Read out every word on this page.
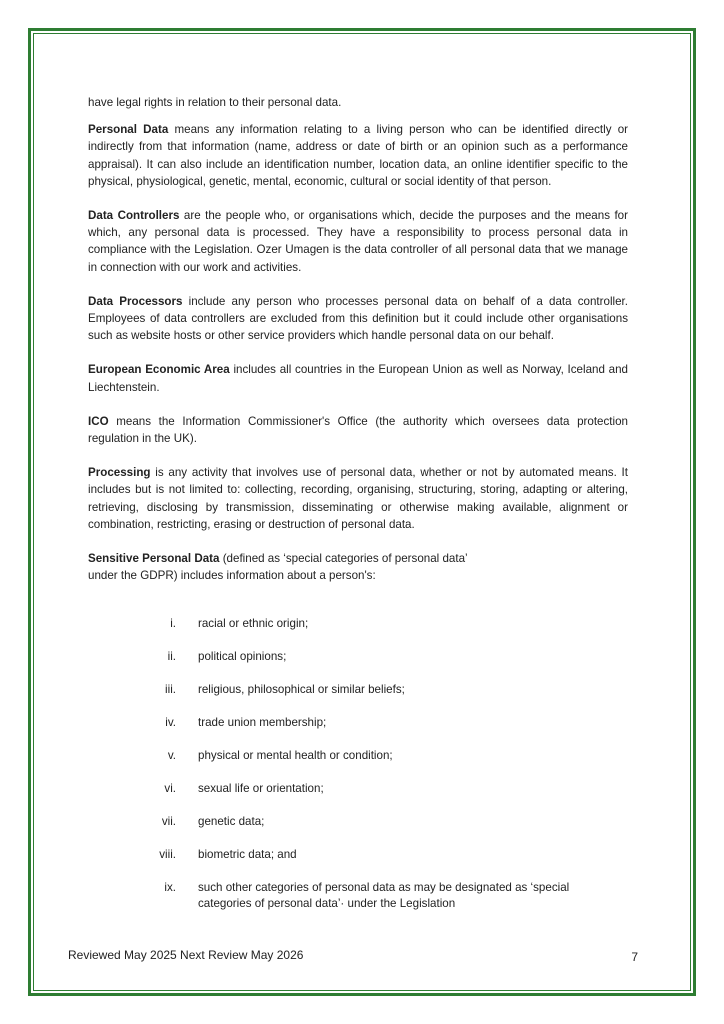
have legal rights in relation to their personal data.

Personal Data means any information relating to a living person who can be identified directly or indirectly from that information (name, address or date of birth or an opinion such as a performance appraisal). It can also include an identification number, location data, an online identifier specific to the physical, physiological, genetic, mental, economic, cultural or social identity of that person.

Data Controllers are the people who, or organisations which, decide the purposes and the means for which, any personal data is processed. They have a responsibility to process personal data in compliance with the Legislation. Ozer Umagen is the data controller of all personal data that we manage in connection with our work and activities.

Data Processors include any person who processes personal data on behalf of a data controller. Employees of data controllers are excluded from this definition but it could include other organisations such as website hosts or other service providers which handle personal data on our behalf.

European Economic Area includes all countries in the European Union as well as Norway, Iceland and Liechtenstein.

ICO means the Information Commissioner's Office (the authority which oversees data protection regulation in the UK).

Processing is any activity that involves use of personal data, whether or not by automated means. It includes but is not limited to: collecting, recording, organising, structuring, storing, adapting or altering, retrieving, disclosing by transmission, disseminating or otherwise making available, alignment or combination, restricting, erasing or destruction of personal data.

Sensitive Personal Data (defined as ‘special categories of personal data’
under the GDPR) includes information about a person's:

i. racial or ethnic origin;
ii. political opinions;
iii. religious, philosophical or similar beliefs;
iv. trade union membership;
v. physical or mental health or condition;
vi. sexual life or orientation;
vii. genetic data;
viii. biometric data; and
ix. such other categories of personal data as may be designated as ‘special categories of personal data’· under the Legislation
Reviewed May 2025 Next Review May 2026	7
